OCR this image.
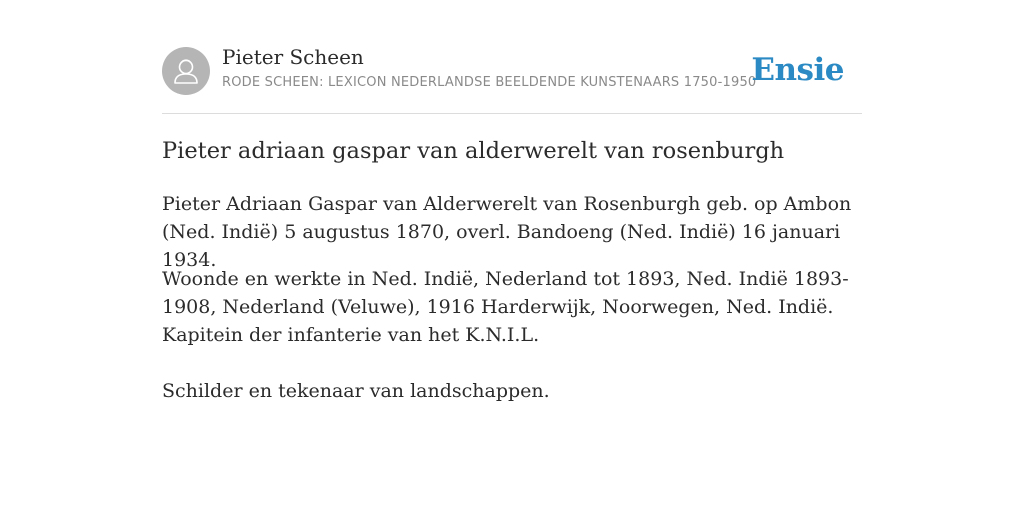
Pieter Scheen
RODE SCHEEN: LEXICON NEDERLANDSE BEELDENDE KUNSTENAARS 1750-1950
Ensie
Pieter adriaan gaspar van alderwerelt van rosenburgh

Pieter Adriaan Gaspar van Alderwerelt van Rosenburgh geb. op Ambon (Ned. Indië) 5 augustus 1870, overl. Bandoeng (Ned. Indië) 16 januari 1934.

Woonde en werkte in Ned. Indië, Nederland tot 1893, Ned. Indië 1893-1908, Nederland (Veluwe), 1916 Harderwijk, Noorwegen, Ned. Indië. Kapitein der infanterie van het K.N.I.L.

Schilder en tekenaar van landschappen.
